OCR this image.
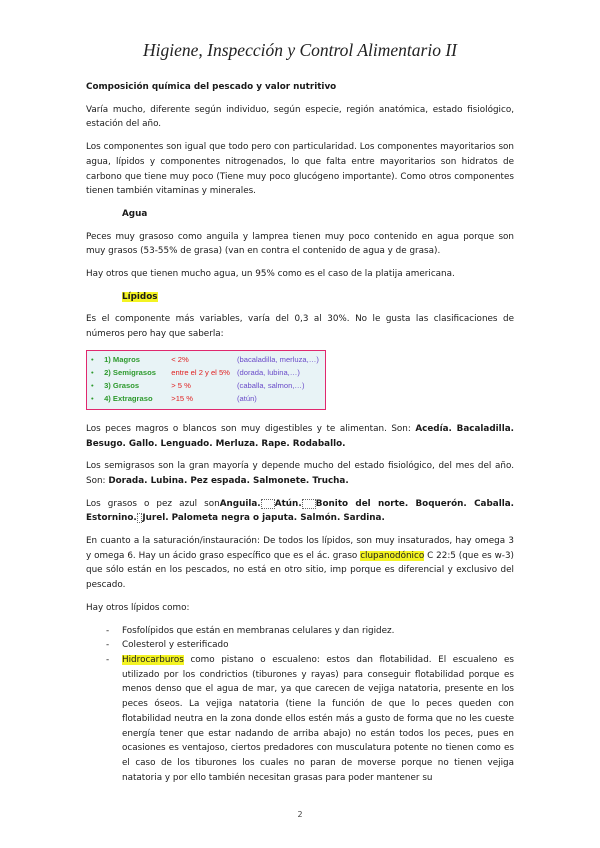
Higiene, Inspección y Control Alimentario II

Composición química del pescado y valor nutritivo

Varía mucho, diferente según individuo, según especie, región anatómica, estado fisiológico, estación del año.

Los componentes son igual que todo pero con particularidad. Los componentes mayoritarios son agua, lípidos y componentes nitrogenados, lo que falta entre mayoritarios son hidratos de carbono que tiene muy poco (Tiene muy poco glucógeno importante). Como otros componentes tienen también vitaminas y minerales.

Agua

Peces muy grasoso como anguila y lamprea tienen muy poco contenido en agua porque son muy grasos (53-55% de grasa) (van en contra el contenido de agua y de grasa).

Hay otros que tienen mucho agua, un 95% como es el caso de la platija americana.

Lípidos

Es el componente más variables, varía del 0,3 al 30%. No le gusta las clasificaciones de números pero hay que saberla:

•	1) Magros	< 2%	(bacaladilla, merluza,…)
•	2) Semigrasos	entre el 2 y el 5% (dorada, lubina,…)
•	3) Grasos	> 5 %	(caballa, salmon,…)
•	4) Extragraso	>15 %	(atún)

Los peces magros o blancos son muy digestibles y te alimentan. Son: Acedía. Bacaladilla. Besugo. Gallo. Lenguado. Merluza. Rape. Rodaballo.

Los semigrasos son la gran mayoría y depende mucho del estado fisiológico, del mes del año. Son: Dorada. Lubina. Pez espada. Salmonete. Trucha.

Los grasos o pez azul sonAnguila. Atún. Bonito del norte. Boquerón. Caballa. Estornino. Jurel. Palometa negra o japuta. Salmón. Sardina.

En cuanto a la saturación/instauración: De todos los lípidos, son muy insaturados, hay omega 3 y omega 6. Hay un ácido graso específico que es el ác. graso clupanodónico C 22:5 (que es w-3) que sólo están en los pescados, no está en otro sitio, imp porque es diferencial y exclusivo del pescado.

Hay otros lípidos como:

- Fosfolípidos que están en membranas celulares y dan rigidez.
- Colesterol y esterificado
- Hidrocarburos como pistano o escualeno: estos dan flotabilidad. El escualeno es utilizado por los condrictios (tiburones y rayas) para conseguir flotabilidad porque es menos denso que el agua de mar, ya que carecen de vejiga natatoria, presente en los peces óseos. La vejiga natatoria (tiene la función de que lo peces queden con flotabilidad neutra en la zona donde ellos estén más a gusto de forma que no les cueste energía tener que estar nadando de arriba abajo) no están todos los peces, pues en ocasiones es ventajoso, ciertos predadores con musculatura potente no tienen como es el caso de los tiburones los cuales no paran de moverse porque no tienen vejiga natatoria y por ello también necesitan grasas para poder mantener su
2
